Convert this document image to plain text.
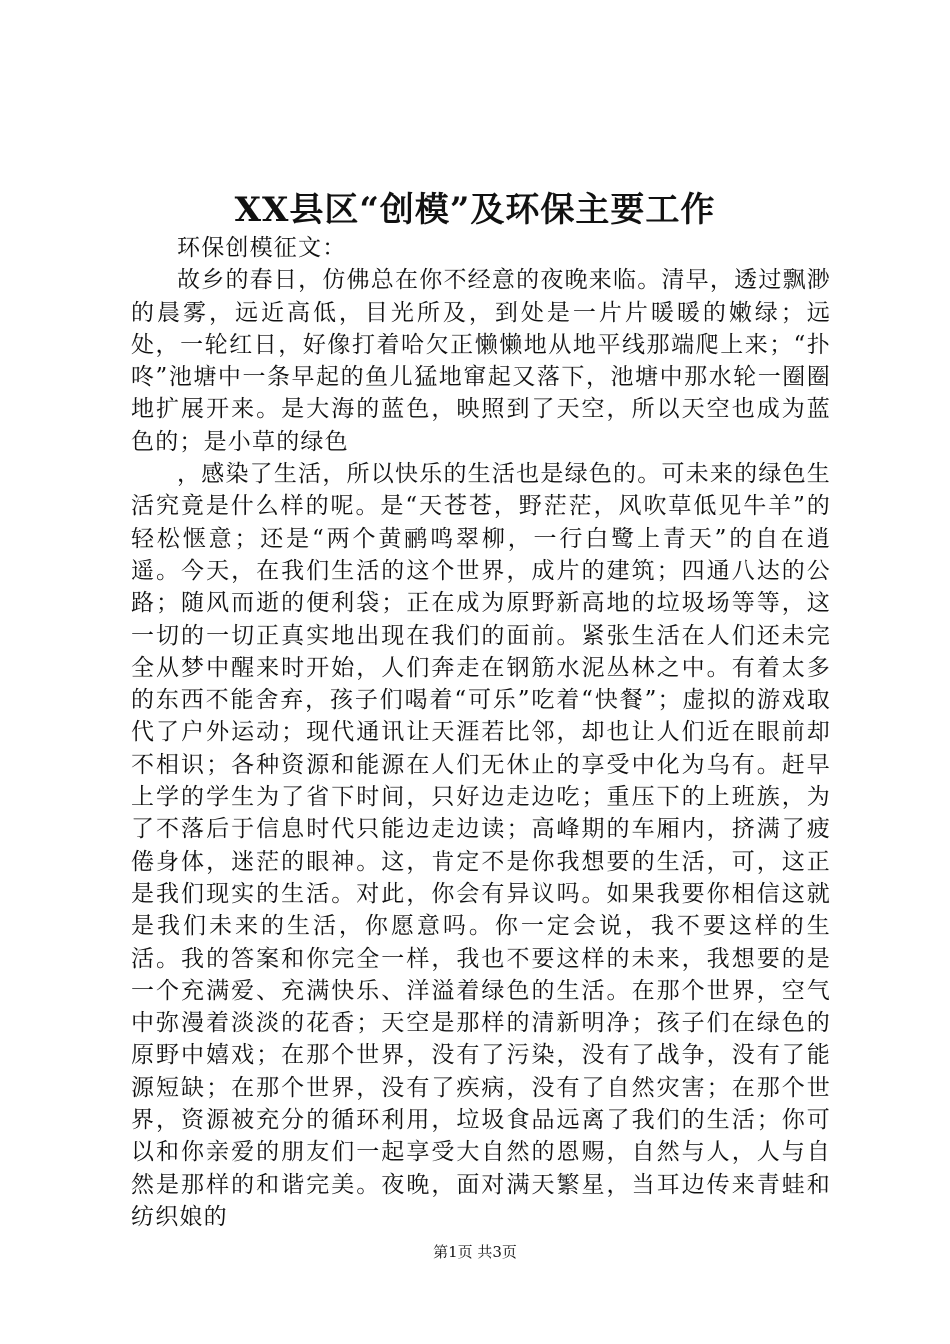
XX县区“创模”及环保主要工作

环保创模征文：

故乡的春日，仿佛总在你不经意的夜晚来临。清早，透过飘渺的晨雾，远近高低，目光所及，到处是一片片暖暖的嫩绿；远处，一轮红日，好像打着哈欠正懒懒地从地平线那端爬上来；“扑咚”池塘中一条早起的鱼儿猛地窜起又落下，池塘中那水轮一圈圈地扩展开来。是大海的蓝色，映照到了天空，所以天空也成为蓝色的；是小草的绿色

，感染了生活，所以快乐的生活也是绿色的。可未来的绿色生活究竟是什么样的呢。是“天苍苍，野茫茫，风吹草低见牛羊”的轻松惬意；还是“两个黄鹂鸣翠柳，一行白鹭上青天”的自在逍遥。今天，在我们生活的这个世界，成片的建筑；四通八达的公路；随风而逝的便利袋；正在成为原野新高地的垃圾场等等，这一切的一切正真实地出现在我们的面前。紧张生活在人们还未完全从梦中醒来时开始，人们奔走在钢筋水泥丛林之中。有着太多的东西不能舍弃，孩子们喝着“可乐”吃着“快餐”；虚拟的游戏取代了户外运动；现代通讯让天涯若比邻，却也让人们近在眼前却不相识；各种资源和能源在人们无休止的享受中化为乌有。赶早上学的学生为了省下时间，只好边走边吃；重压下的上班族，为了不落后于信息时代只能边走边读；高峰期的车厢内，挤满了疲倦身体，迷茫的眼神。这，肯定不是你我想要的生活，可，这正是我们现实的生活。对此，你会有异议吗。如果我要你相信这就是我们未来的生活，你愿意吗。你一定会说，我不要这样的生活。我的答案和你完全一样，我也不要这样的未来，我想要的是一个充满爱、充满快乐、洋溢着绿色的生活。在那个世界，空气中弥漫着淡淡的花香；天空是那样的清新明净；孩子们在绿色的原野中嬉戏；在那个世界，没有了污染，没有了战争，没有了能源短缺；在那个世界，没有了疾病，没有了自然灾害；在那个世界，资源被充分的循环利用，垃圾食品远离了我们的生活；你可以和你亲爱的朋友们一起享受大自然的恩赐，自然与人，人与自然是那样的和谐完美。夜晚，面对满天繁星，当耳边传来青蛙和纺织娘的

第1页 共3页
